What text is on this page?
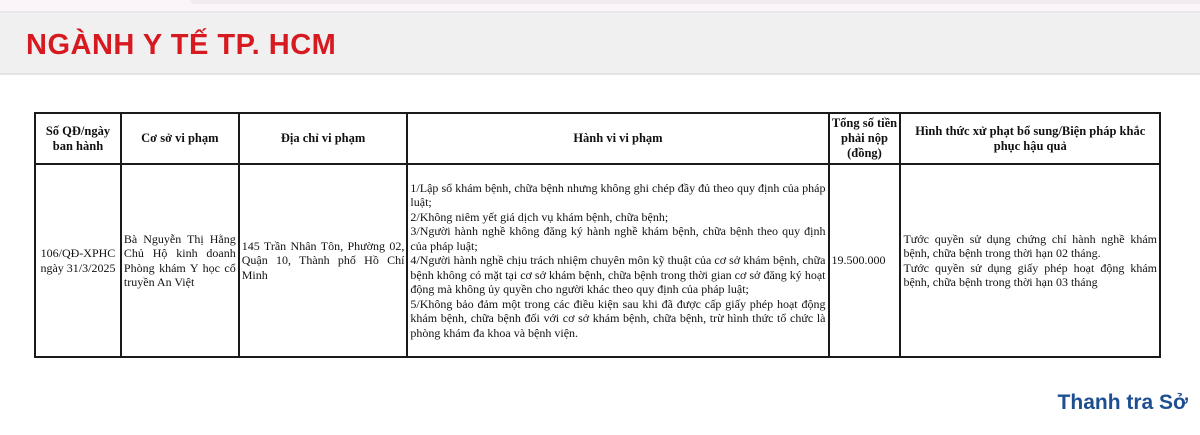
NGÀNH Y TẾ TP. HCM
Số QĐ/ngày ban hành	Cơ sở vi phạm	Địa chỉ vi phạm	Hành vi vi phạm	Tổng số tiền phải nộp (đồng)	Hình thức xử phạt bổ sung/Biện pháp khắc phục hậu quả

106/QĐ-XPHC
ngày 31/3/2025	Bà Nguyễn Thị Hằng Chủ Hộ kinh doanh Phòng khám Y học cổ truyền An Việt	145 Trần Nhân Tôn, Phường 02, Quận 10, Thành phố Hồ Chí Minh	1/Lập sổ khám bệnh, chữa bệnh nhưng không ghi chép đầy đủ theo quy định của pháp luật;
2/Không niêm yết giá dịch vụ khám bệnh, chữa bệnh;
3/Người hành nghề không đăng ký hành nghề khám bệnh, chữa bệnh theo quy định của pháp luật;
4/Người hành nghề chịu trách nhiệm chuyên môn kỹ thuật của cơ sở khám bệnh, chữa bệnh không có mặt tại cơ sở khám bệnh, chữa bệnh trong thời gian cơ sở đăng ký hoạt động mà không ủy quyền cho người khác theo quy định của pháp luật;
5/Không bảo đảm một trong các điều kiện sau khi đã được cấp giấy phép hoạt động khám bệnh, chữa bệnh đối với cơ sở khám bệnh, chữa bệnh, trừ hình thức tổ chức là phòng khám đa khoa và bệnh viện.	19.500.000	Tước quyền sử dụng chứng chỉ hành nghề khám bệnh, chữa bệnh trong thời hạn 02 tháng.
Tước quyền sử dụng giấy phép hoạt động khám bệnh, chữa bệnh trong thời hạn 03 tháng
Thanh tra Sở
